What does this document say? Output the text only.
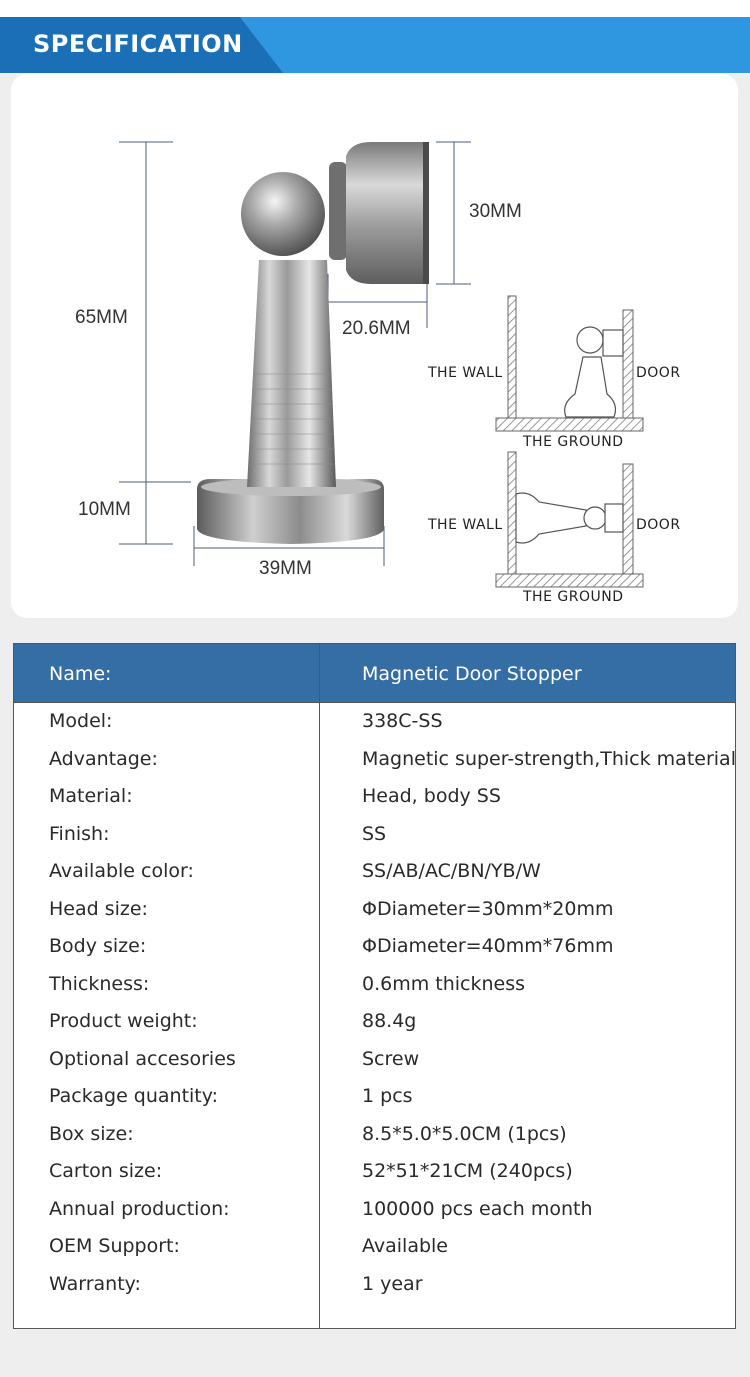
SPECIFICATION
65MM
10MM
39MM
30MM
20.6MM
THE WALL	DOOR
THE GROUND
THE WALL	DOOR
THE GROUND
Name:	Magnetic Door Stopper
Model:	338C-SS
Advantage:	Magnetic super-strength,Thick material
Material:	Head, body SS
Finish:	SS
Available color:	SS/AB/AC/BN/YB/W
Head size:	ΦDiameter=30mm*20mm
Body size:	ΦDiameter=40mm*76mm
Thickness:	0.6mm thickness
Product weight:	88.4g
Optional accesories	Screw
Package quantity:	1 pcs
Box size:	8.5*5.0*5.0CM (1pcs)
Carton size:	52*51*21CM (240pcs)
Annual production:	100000 pcs each month
OEM Support:	Available
Warranty:	1 year
